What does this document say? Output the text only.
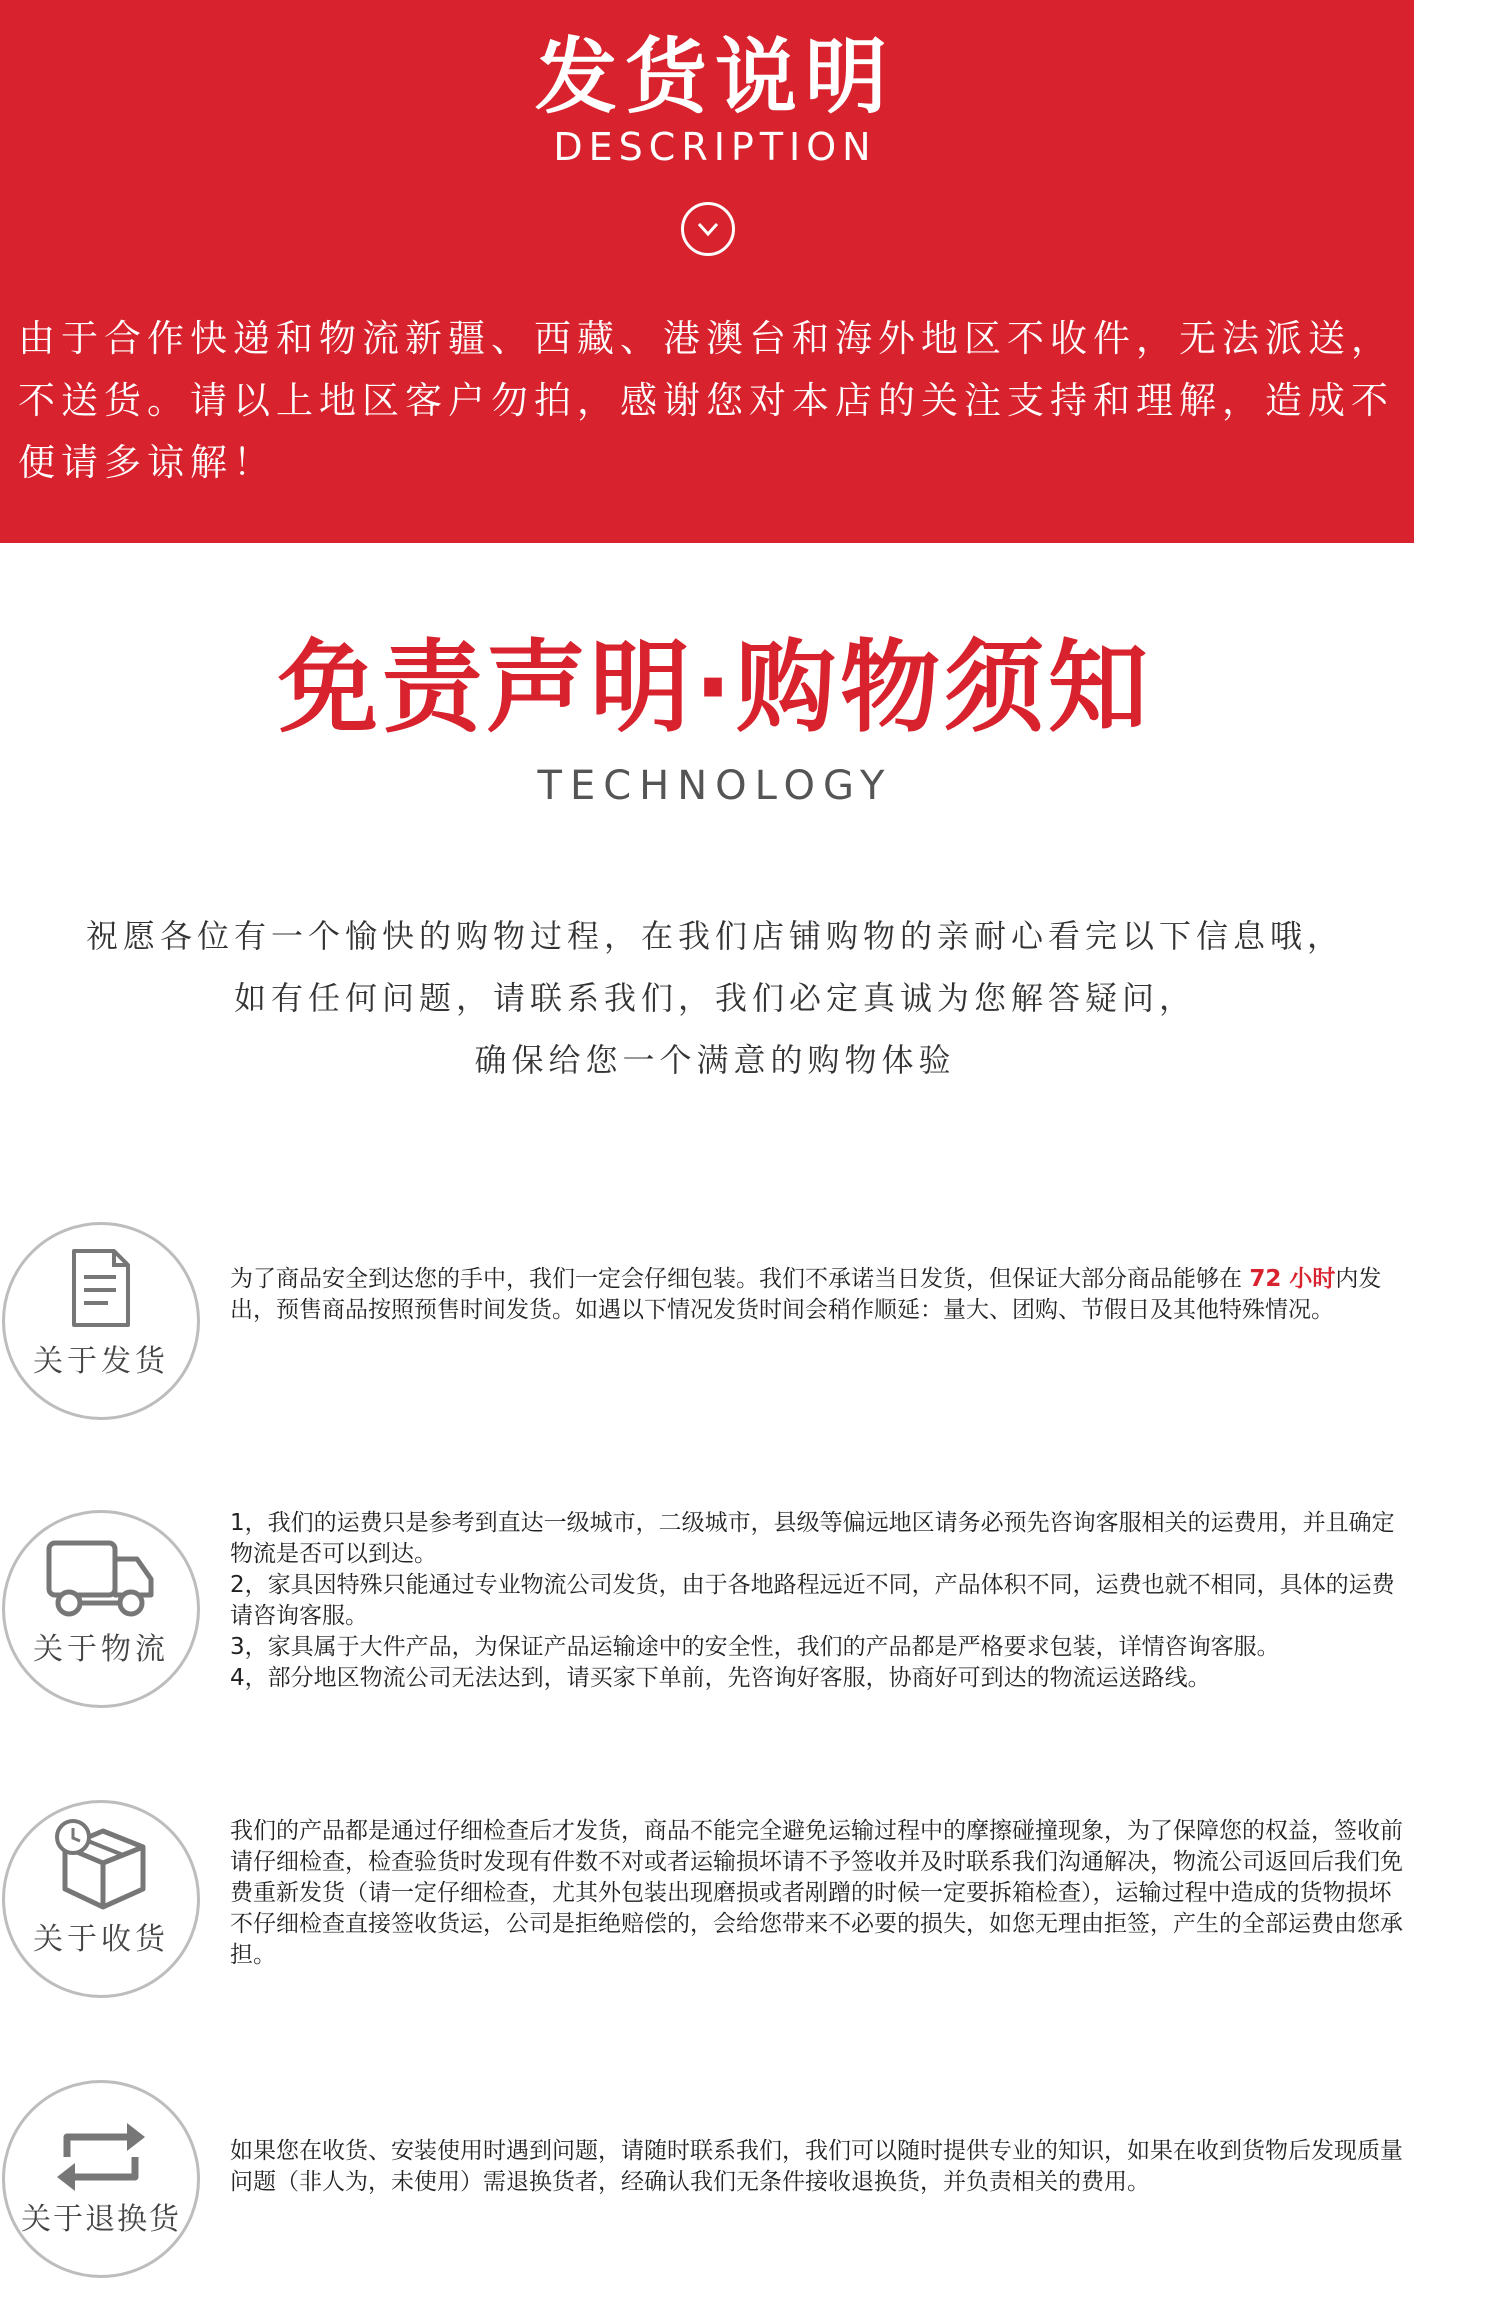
发货说明
DESCRIPTION
由于合作快递和物流新疆、西藏、港澳台和海外地区不收件，无法派送，
不送货。请以上地区客户勿拍，感谢您对本店的关注支持和理解，造成不
便请多谅解！
免责声明·购物须知
TECHNOLOGY
祝愿各位有一个愉快的购物过程，在我们店铺购物的亲耐心看完以下信息哦，
如有任何问题，请联系我们，我们必定真诚为您解答疑问，
确保给您一个满意的购物体验
关于发货

为了商品安全到达您的手中，我们一定会仔细包装。我们不承诺当日发货，但保证大部分商品能够在 72 小时内发出，预售商品按照预售时间发货。如遇以下情况发货时间会稍作顺延：量大、团购、节假日及其他特殊情况。

关于物流

1，我们的运费只是参考到直达一级城市，二级城市，县级等偏远地区请务必预先咨询客服相关的运费用，并且确定物流是否可以到达。

2，家具因特殊只能通过专业物流公司发货，由于各地路程远近不同，产品体积不同，运费也就不相同，具体的运费请咨询客服。

3，家具属于大件产品，为保证产品运输途中的安全性，我们的产品都是严格要求包装，详情咨询客服。

4，部分地区物流公司无法达到，请买家下单前，先咨询好客服，协商好可到达的物流运送路线。

关于收货

我们的产品都是通过仔细检查后才发货，商品不能完全避免运输过程中的摩擦碰撞现象，为了保障您的权益，签收前请仔细检查，检查验货时发现有件数不对或者运输损坏请不予签收并及时联系我们沟通解决，物流公司返回后我们免费重新发货（请一定仔细检查，尤其外包装出现磨损或者剐蹭的时候一定要拆箱检查），运输过程中造成的货物损坏不仔细检查直接签收货运，公司是拒绝赔偿的，会给您带来不必要的损失，如您无理由拒签，产生的全部运费由您承担。

关于退换货

如果您在收货、安装使用时遇到问题，请随时联系我们，我们可以随时提供专业的知识，如果在收到货物后发现质量问题（非人为，未使用）需退换货者，经确认我们无条件接收退换货，并负责相关的费用。
